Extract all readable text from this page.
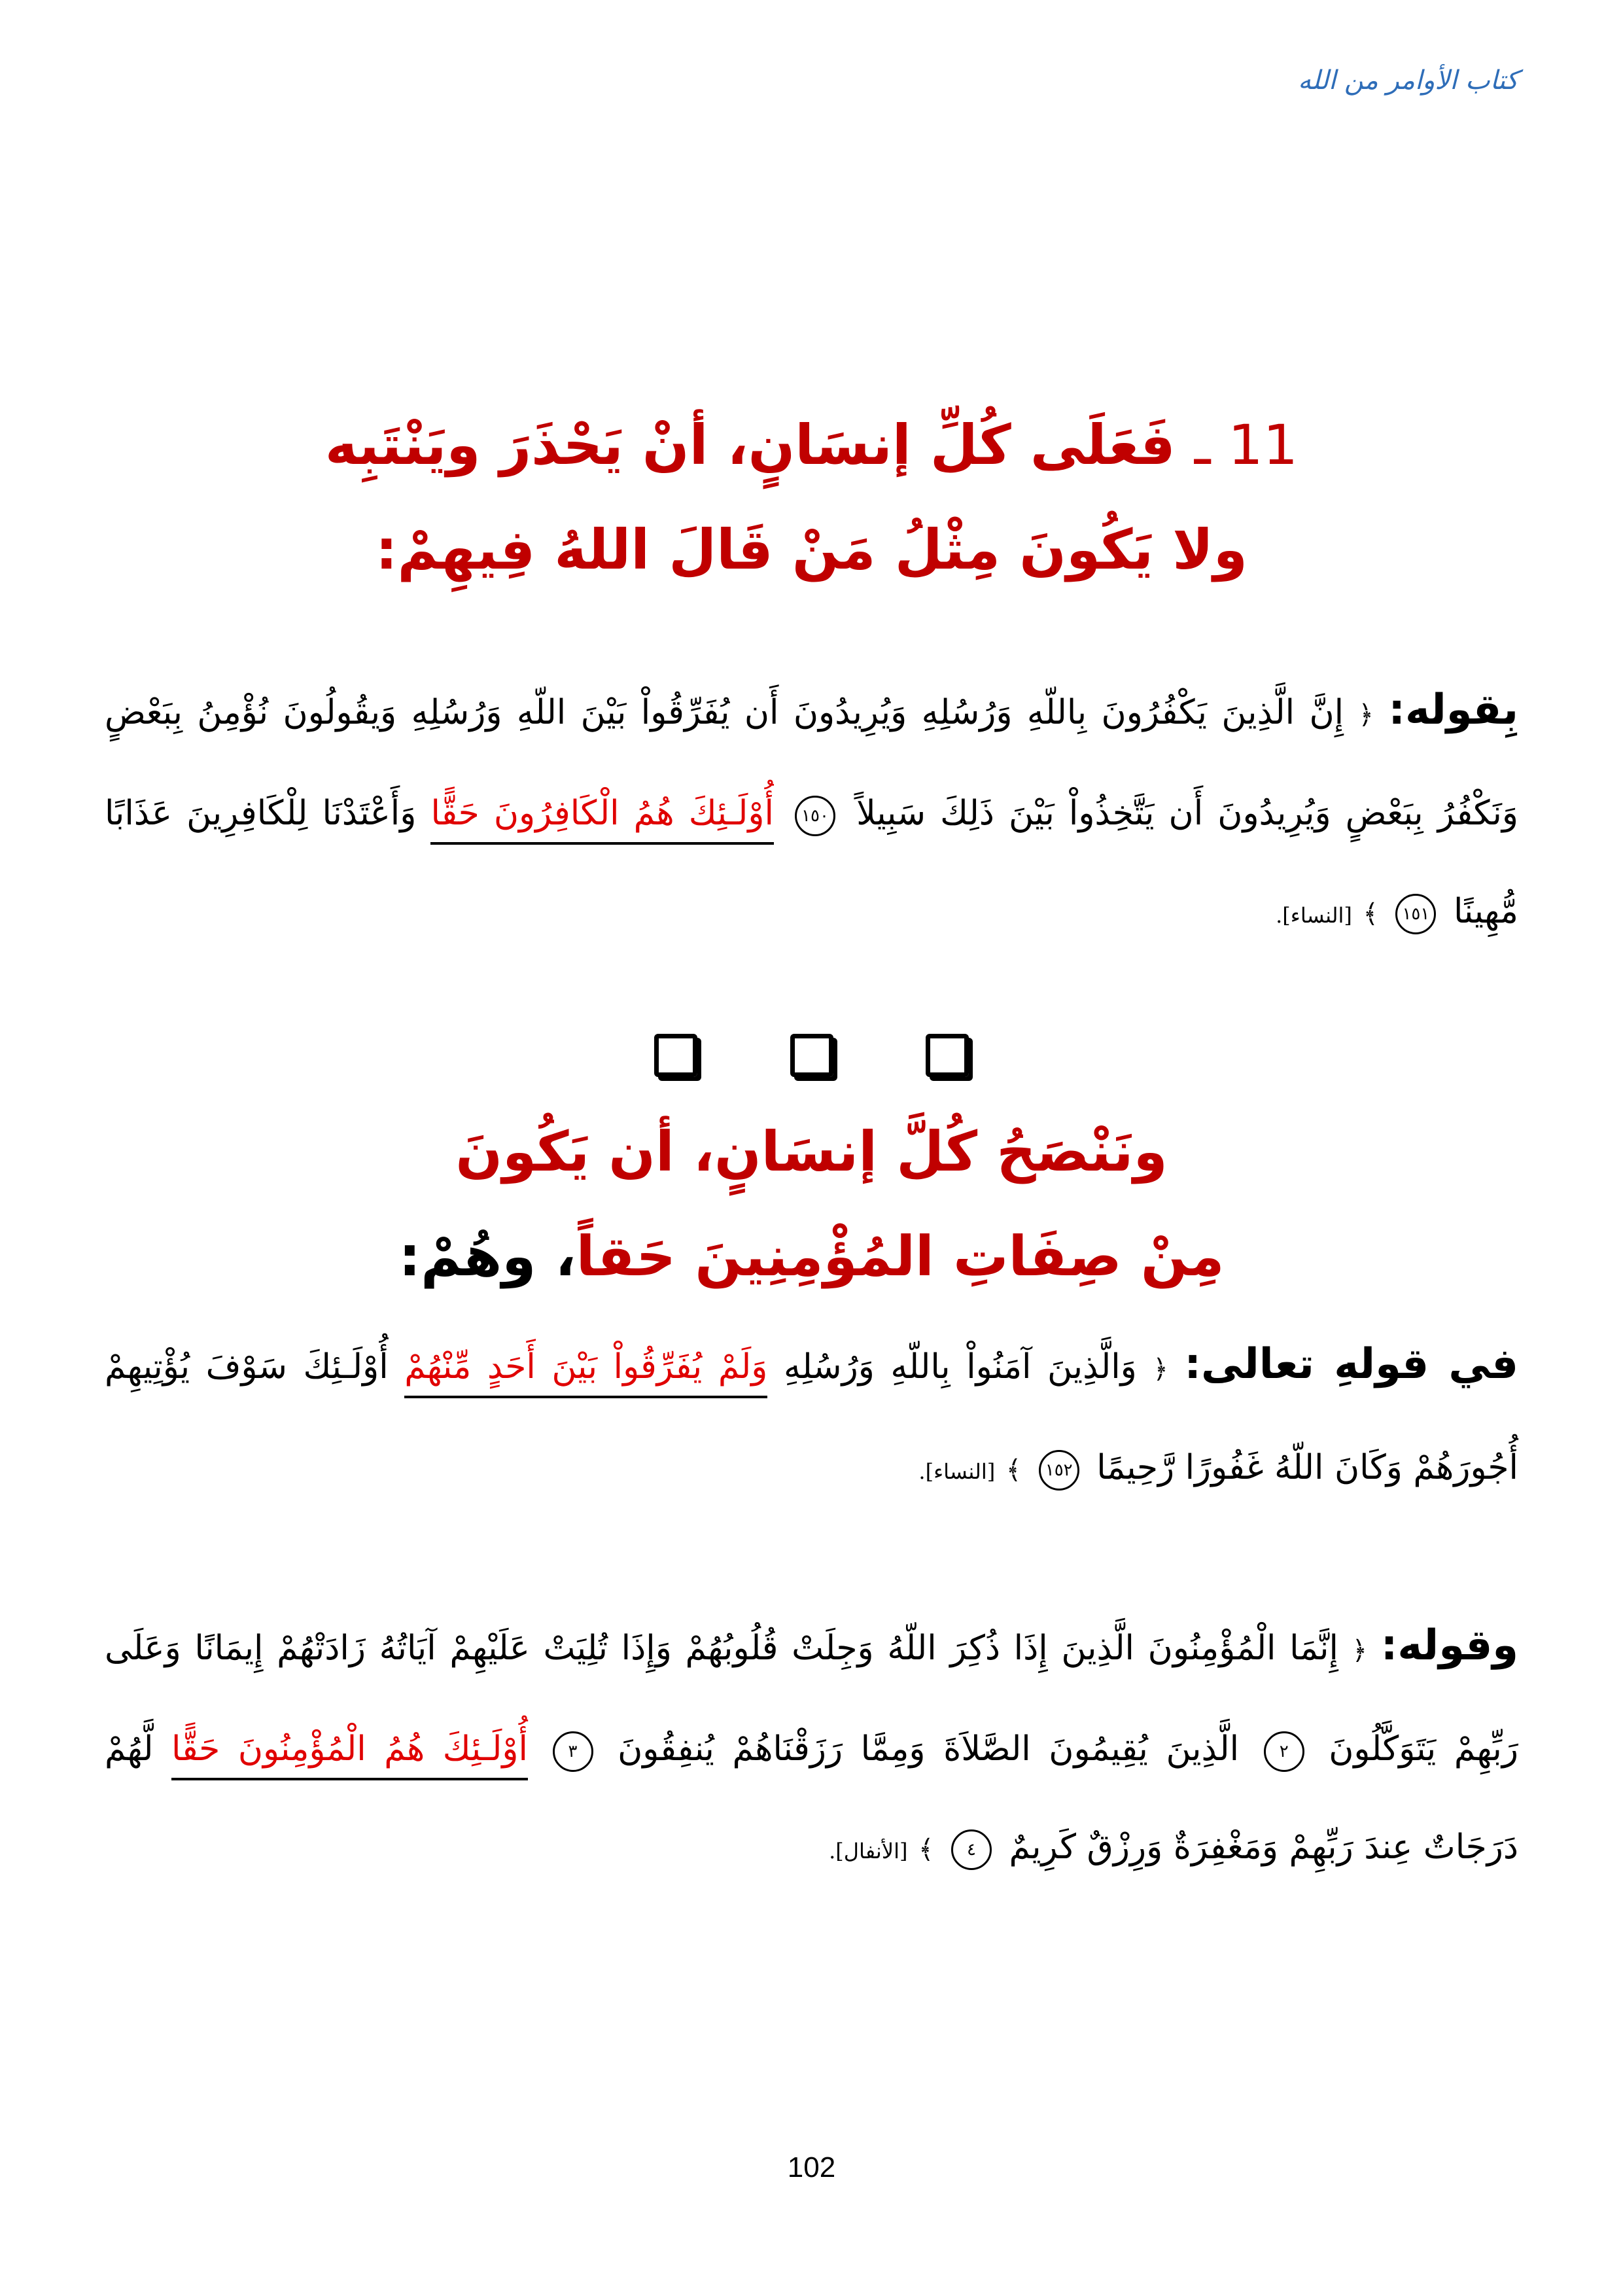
كتاب الأوامر من الله
11 ـ فَعَلَى كُلِّ إنسَانٍ، أنْ يَحْذَرَ ويَنْتَبِه
ولا يَكُونَ مِثْلُ مَنْ قَالَ اللهُ فِيهِمْ:
بِقوله: ﴿ إِنَّ الَّذِينَ يَكْفُرُونَ بِاللّهِ وَرُسُلِهِ وَيُرِيدُونَ أَن يُفَرِّقُواْ بَيْنَ اللّهِ وَرُسُلِهِ وَيقُولُونَ نُؤْمِنُ بِبَعْضٍ وَنَكْفُرُ بِبَعْضٍ وَيُرِيدُونَ أَن يَتَّخِذُواْ بَيْنَ ذَلِكَ سَبِيلاً ١٥٠ أُوْلَـئِكَ هُمُ الْكَافِرُونَ حَقًّا وَأَعْتَدْنَا لِلْكَافِرِينَ عَذَابًا مُّهِينًا ١٥١ ﴾ [النساء].

ونَنْصَحُ كُلَّ إنسَانٍ، أن يَكُونَ
مِنْ صِفَاتِ المُؤْمِنِينَ حَقاً، وهُمْ:
في قولهِ تعالى: ﴿ وَالَّذِينَ آمَنُواْ بِاللّهِ وَرُسُلِهِ وَلَمْ يُفَرِّقُواْ بَيْنَ أَحَدٍ مِّنْهُمْ أُوْلَـئِكَ سَوْفَ يُؤْتِيهِمْ أُجُورَهُمْ وَكَانَ اللّهُ غَفُورًا رَّحِيمًا ١٥٢ ﴾ [النساء].
وقوله: ﴿ إِنَّمَا الْمُؤْمِنُونَ الَّذِينَ إِذَا ذُكِرَ اللّهُ وَجِلَتْ قُلُوبُهُمْ وَإِذَا تُلِيَتْ عَلَيْهِمْ آيَاتُهُ زَادَتْهُمْ إِيمَانًا وَعَلَى رَبِّهِمْ يَتَوَكَّلُونَ ٢ الَّذِينَ يُقِيمُونَ الصَّلاَةَ وَمِمَّا رَزَقْنَاهُمْ يُنفِقُونَ ٣ أُوْلَـئِكَ هُمُ الْمُؤْمِنُونَ حَقًّا لَّهُمْ دَرَجَاتٌ عِندَ رَبِّهِمْ وَمَغْفِرَةٌ وَرِزْقٌ كَرِيمٌ ٤ ﴾ [الأنفال].
102
